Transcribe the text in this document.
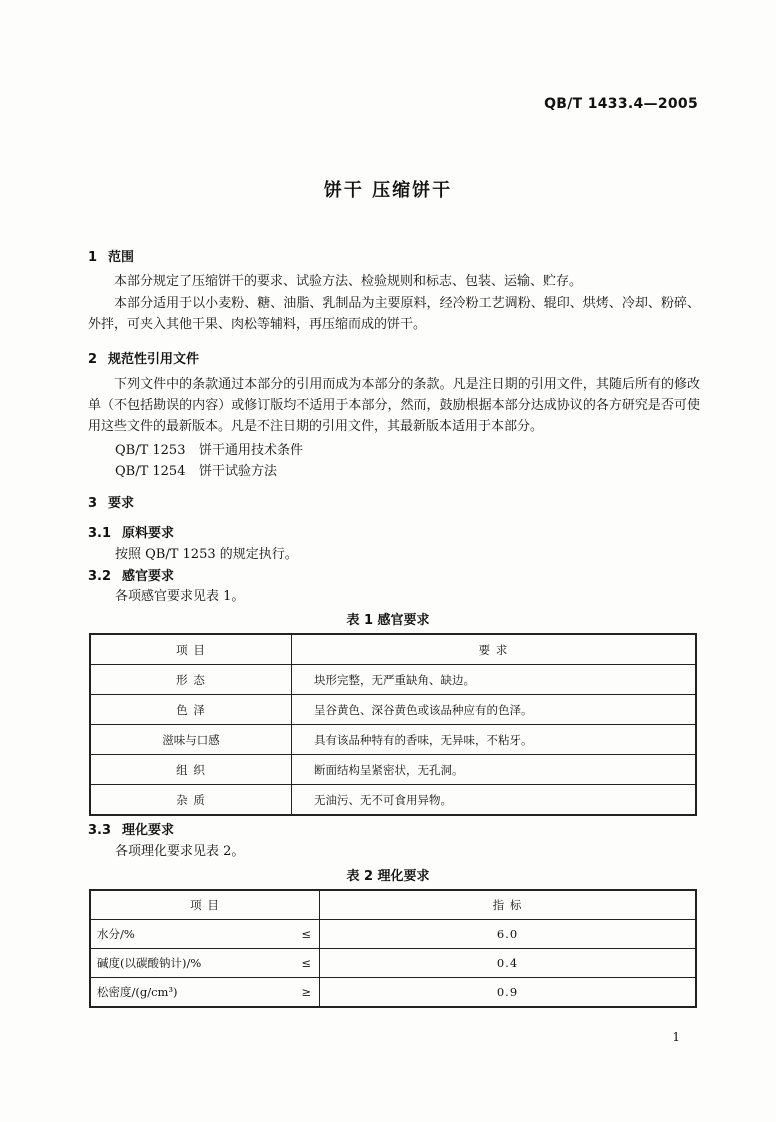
QB/T 1433.4—2005
饼干 压缩饼干
1 范围
本部分规定了压缩饼干的要求、试验方法、检验规则和标志、包装、运输、贮存。
本部分适用于以小麦粉、糖、油脂、乳制品为主要原料，经冷粉工艺调粉、辊印、烘烤、冷却、粉碎、外拌，可夹入其他干果、肉松等辅料，再压缩而成的饼干。
2 规范性引用文件
下列文件中的条款通过本部分的引用而成为本部分的条款。凡是注日期的引用文件，其随后所有的修改单（不包括勘误的内容）或修订版均不适用于本部分，然而，鼓励根据本部分达成协议的各方研究是否可使用这些文件的最新版本。凡是不注日期的引用文件，其最新版本适用于本部分。
QB/T 1253 饼干通用技术条件
QB/T 1254 饼干试验方法
3 要求
3.1 原料要求
按照 QB/T 1253 的规定执行。
3.2 感官要求
各项感官要求见表 1。
表 1 感官要求
项 目	要 求
形 态	块形完整，无严重缺角、缺边。
色 泽	呈谷黄色、深谷黄色或该品种应有的色泽。
滋味与口感	具有该品种特有的香味，无异味，不粘牙。
组 织	断面结构呈紧密状，无孔洞。
杂 质	无油污、无不可食用异物。
3.3 理化要求
各项理化要求见表 2。
表 2 理化要求
项 目		指 标
水分/%	≤	6.0
碱度(以碳酸钠计)/%	≤	0.4
松密度/(g/cm³)	≥	0.9
1
